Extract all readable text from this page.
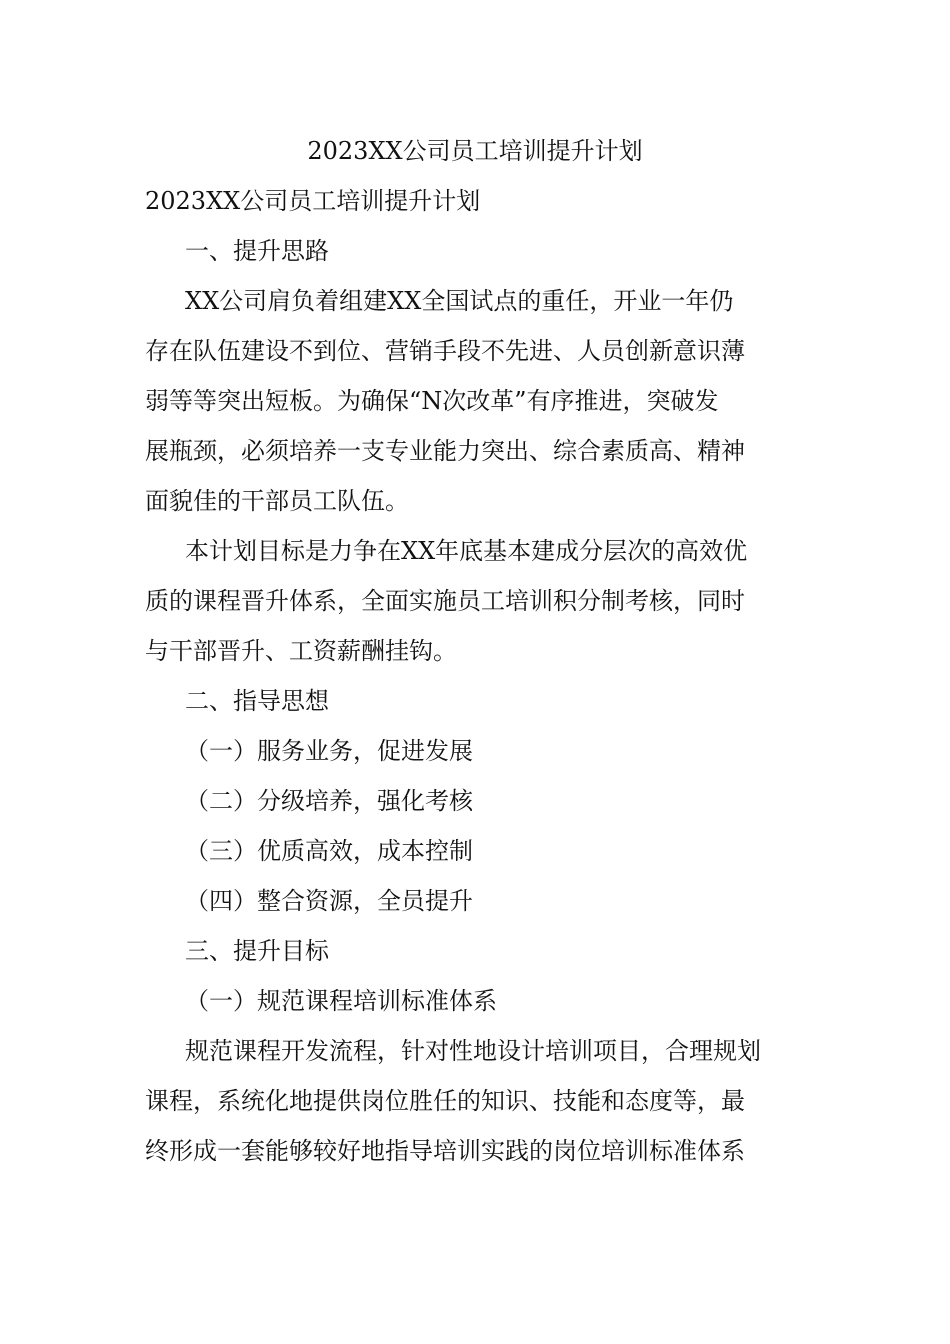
2023XX公司员工培训提升计划
2023XX公司员工培训提升计划
一、提升思路
XX公司肩负着组建XX全国试点的重任，开业一年仍
存在队伍建设不到位、营销手段不先进、人员创新意识薄
弱等等突出短板。为确保“N次改革”有序推进，突破发
展瓶颈，必须培养一支专业能力突出、综合素质高、精神
面貌佳的干部员工队伍。
本计划目标是力争在XX年底基本建成分层次的高效优
质的课程晋升体系，全面实施员工培训积分制考核，同时
与干部晋升、工资薪酬挂钩。
二、指导思想
（一）服务业务，促进发展
（二）分级培养，强化考核
（三）优质高效，成本控制
（四）整合资源，全员提升
三、提升目标
（一）规范课程培训标准体系
规范课程开发流程，针对性地设计培训项目，合理规划
课程，系统化地提供岗位胜任的知识、技能和态度等，最
终形成一套能够较好地指导培训实践的岗位培训标准体系
